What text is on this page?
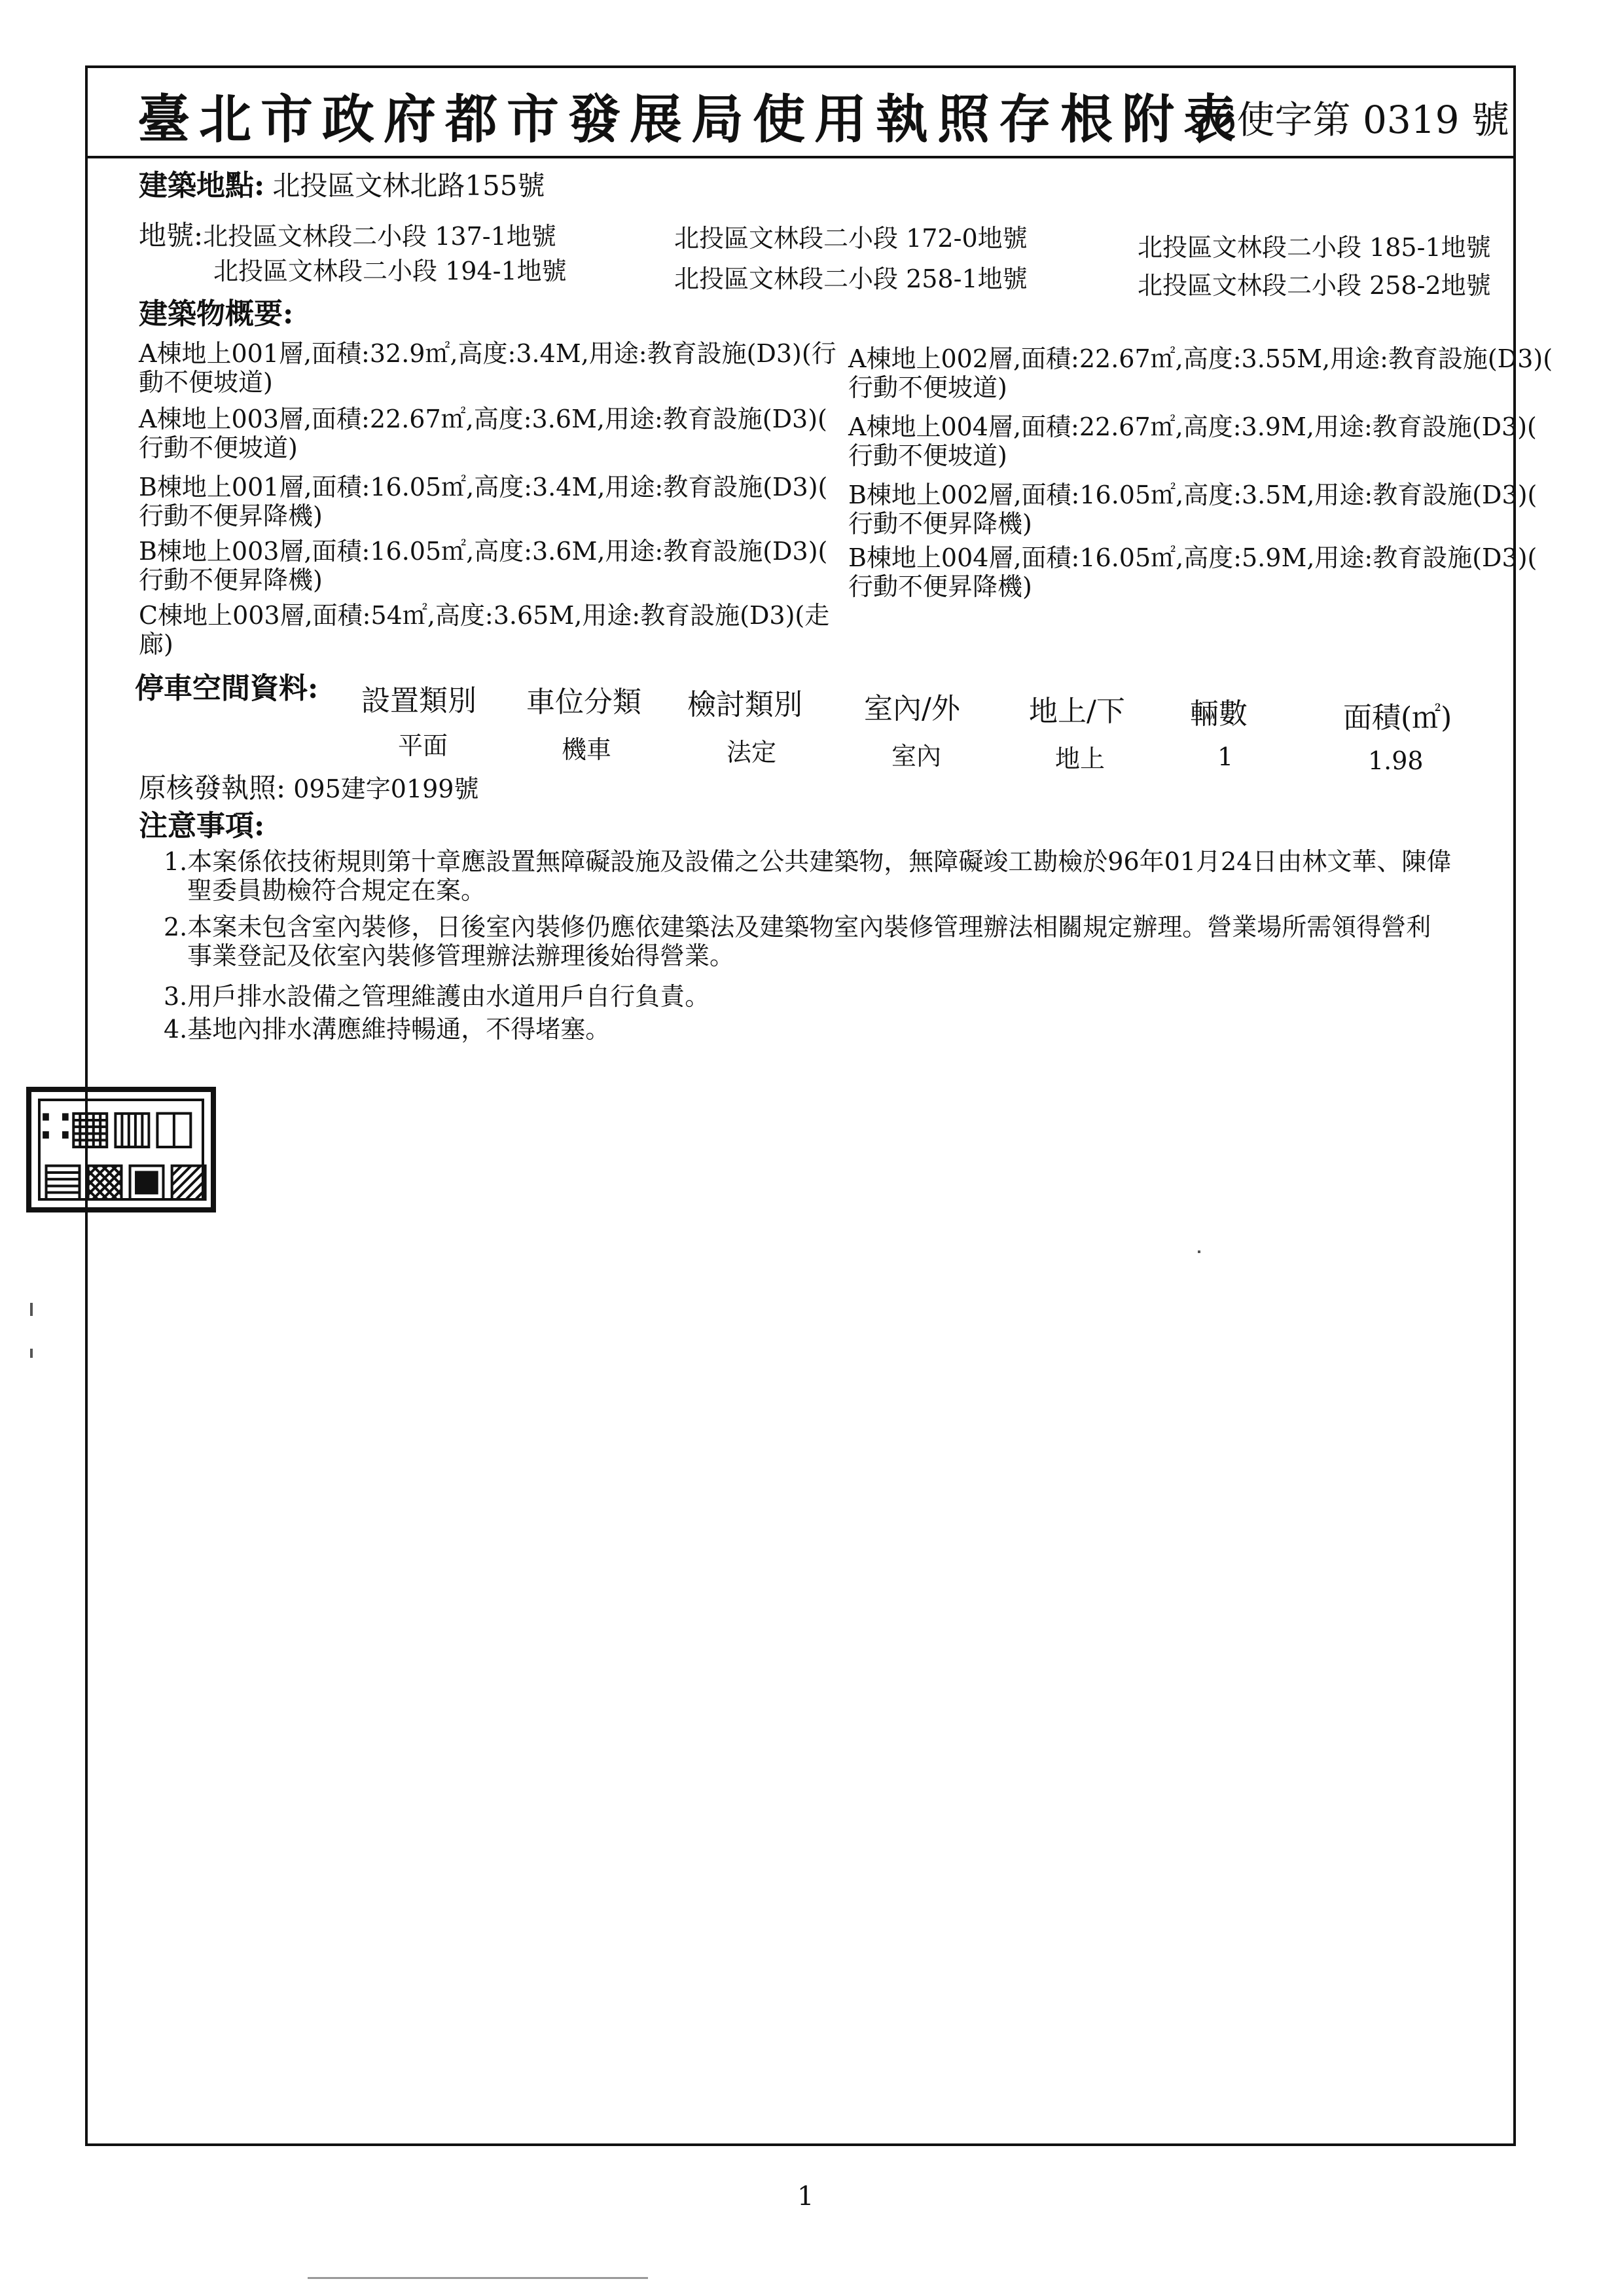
臺北市政府都市發展局使用執照存根附表
96使字第 0319 號
建築地點: 北投區文林北路155號
地號:北投區文林段二小段 137-1地號	北投區文林段二小段 172-0地號	北投區文林段二小段 185-1地號
北投區文林段二小段 194-1地號	北投區文林段二小段 258-1地號	北投區文林段二小段 258-2地號
建築物概要:
A棟地上001層,面積:32.9㎡,高度:3.4M,用途:教育設施(D3)(行
動不便坡道)
A棟地上002層,面積:22.67㎡,高度:3.55M,用途:教育設施(D3)(
行動不便坡道)
A棟地上003層,面積:22.67㎡,高度:3.6M,用途:教育設施(D3)(
行動不便坡道)
A棟地上004層,面積:22.67㎡,高度:3.9M,用途:教育設施(D3)(
行動不便坡道)
B棟地上001層,面積:16.05㎡,高度:3.4M,用途:教育設施(D3)(
行動不便昇降機)
B棟地上002層,面積:16.05㎡,高度:3.5M,用途:教育設施(D3)(
行動不便昇降機)
B棟地上003層,面積:16.05㎡,高度:3.6M,用途:教育設施(D3)(
行動不便昇降機)
B棟地上004層,面積:16.05㎡,高度:5.9M,用途:教育設施(D3)(
行動不便昇降機)
C棟地上003層,面積:54㎡,高度:3.65M,用途:教育設施(D3)(走
廊)
停車空間資料: 設置類別 車位分類 檢討類別 室內/外 地上/下 輛數	面積(㎡)
平面	機車	法定	室內	地上	1	1.98
原核發執照: 095建字0199號
注意事項:
1.本案係依技術規則第十章應設置無障礙設施及設備之公共建築物，無障礙竣工勘檢於96年01月24日由林文華、陳偉
聖委員勘檢符合規定在案。
2.本案未包含室內裝修，日後室內裝修仍應依建築法及建築物室內裝修管理辦法相關規定辦理。營業場所需領得營利
事業登記及依室內裝修管理辦法辦理後始得營業。
3.用戶排水設備之管理維護由水道用戶自行負責。
4.基地內排水溝應維持暢通，不得堵塞。
∷▦▥◫
▤▩▣▨
1
